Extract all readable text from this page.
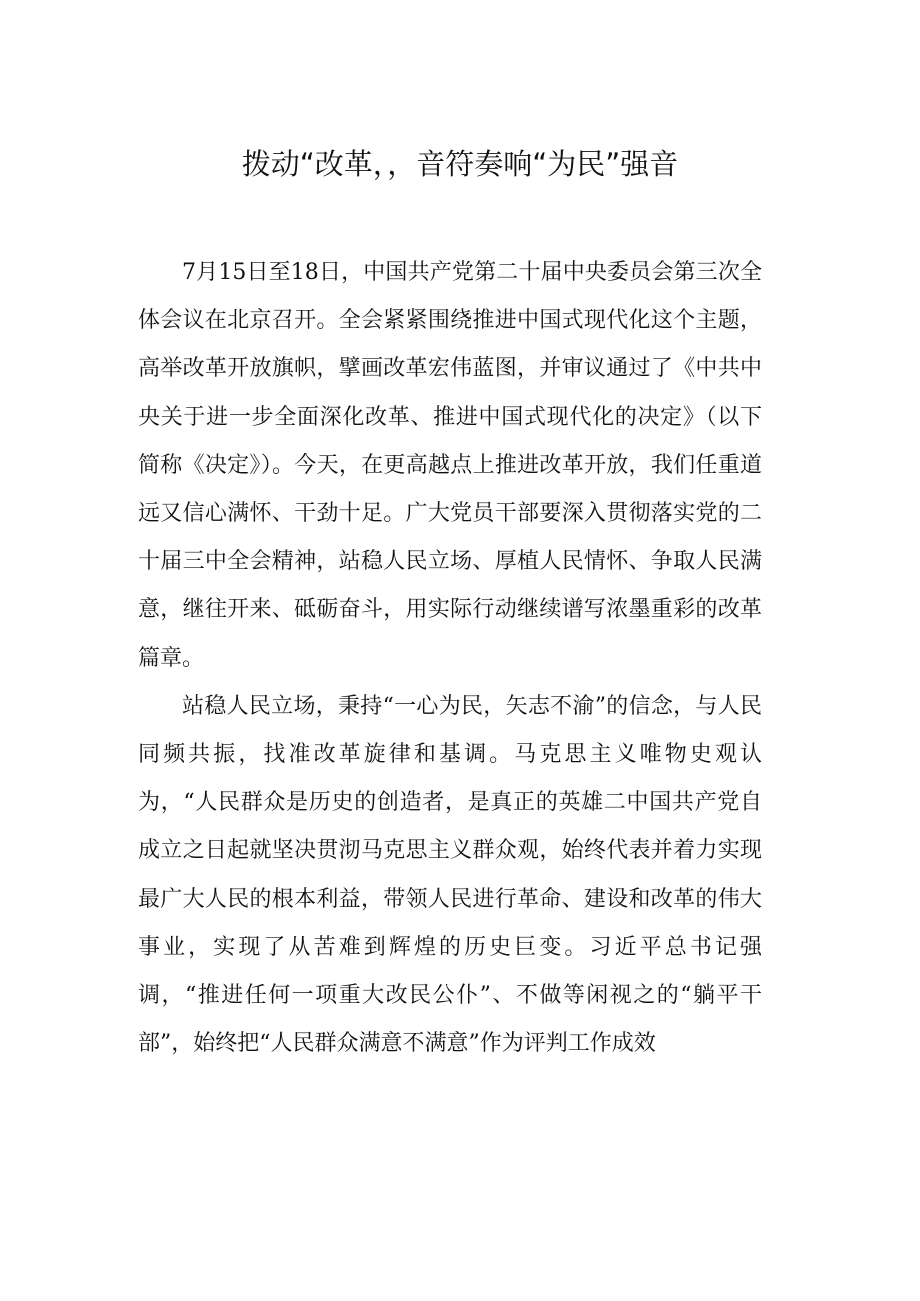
拨动“改革，，音符奏响“为民”强音

7月15日至18日，中国共产党第二十届中央委员会第三次全体会议在北京召开。全会紧紧围绕推进中国式现代化这个主题，高举改革开放旗帜，擘画改革宏伟蓝图，并审议通过了《中共中央关于进一步全面深化改革、推进中国式现代化的决定》（以下简称《决定》）。今天，在更高越点上推进改革开放，我们任重道远又信心满怀、干劲十足。广大党员干部要深入贯彻落实党的二十届三中全会精神，站稳人民立场、厚植人民情怀、争取人民满意，继往开来、砥砺奋斗，用实际行动继续谱写浓墨重彩的改革篇章。

站稳人民立场，秉持“一心为民，矢志不渝”的信念，与人民同频共振，找准改革旋律和基调。马克思主义唯物史观认为，“人民群众是历史的创造者，是真正的英雄二中国共产党自成立之日起就坚决贯沏马克思主义群众观，始终代表并着力实现最广大人民的根本利益，带领人民进行革命、建设和改革的伟大事业，实现了从苦难到辉煌的历史巨变。习近平总书记强调，“推进任何一项重大改民公仆”、不做等闲视之的“躺平干部”，始终把“人民群众满意不满意”作为评判工作成效
